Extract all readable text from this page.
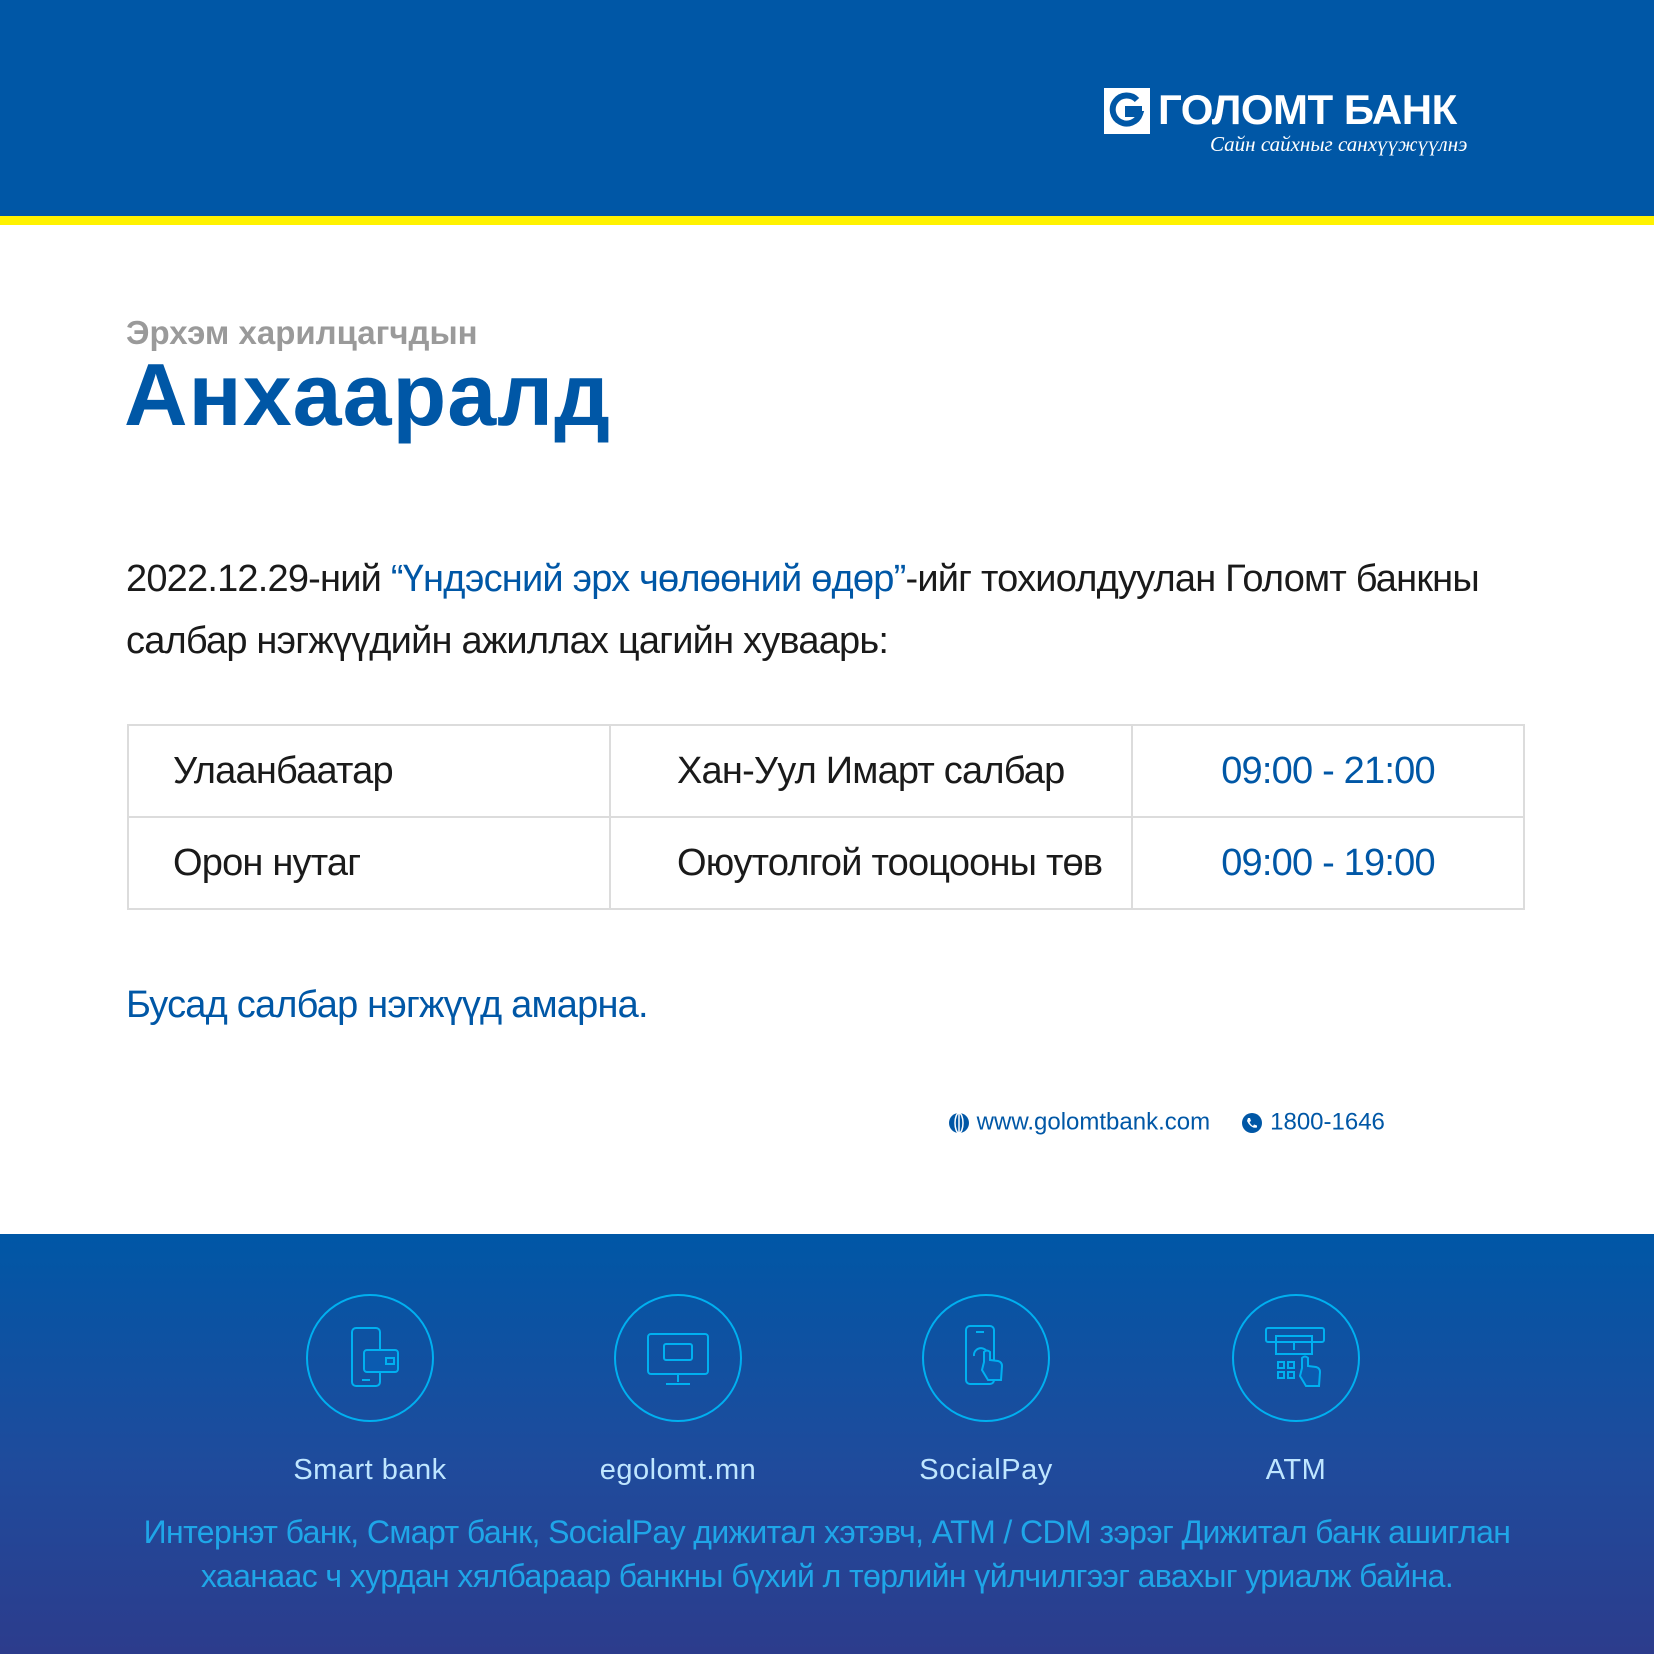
ГОЛОМТ БАНК
Сайн сайхныг санхүүжүүлнэ
Эрхэм харилцагчдын
Анхааралд
2022.12.29-ний “Үндэсний эрх чөлөөний өдөр”-ийг тохиолдуулан Голомт банкны салбар нэгжүүдийн ажиллах цагийн хуваарь:
Улаанбаатар	Хан-Уул Имарт салбар	09:00 - 21:00
Орон нутаг	Оюутолгой тооцооны төв	09:00 - 19:00
Бусад салбар нэгжүүд амарна.
www.golomtbank.com	1800-1646
Smart bank	egolomt.mn	SocialPay	ATM
Интернэт банк, Смарт банк, SocialPay дижитал хэтэвч, ATM / CDM зэрэг Дижитал банк ашиглан
хаанаас ч хурдан хялбараар банкны бүхий л төрлийн үйлчилгээг авахыг уриалж байна.
